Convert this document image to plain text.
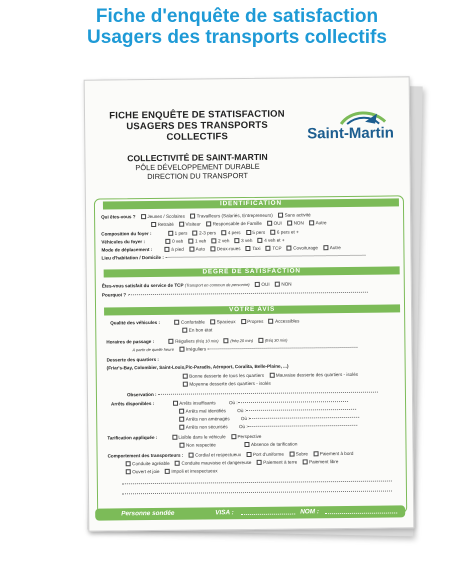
Fiche d'enquête de satisfaction
Usagers des transports collectifs
FICHE ENQUÊTE DE STATISFACTION
USAGERS DES TRANSPORTS COLLECTIFS
COLLECTIVITÉ DE SAINT-MARTIN
PÔLE DÉVELOPPEMENT DURABLE
DIRECTION DU TRANSPORT
Saint-Martin
IDENTIFICATION
Qui êtes-vous ?	Jeunes / Scolaires	Travailleurs (Salariés, Entrepreneurs)	Sans activité
Retraité	Visiteur	Responsable de Famille	OUI	NON	Autre
Composition du foyer :	1 pers	2-3 pers	4 pers	5 pers	6 pers et +
Véhicules du foyer :	0 veh	1 veh	2 veh	3 veh	4 veh et +
Mode de déplacement :	à pied	Auto	Deux-roues	Taxi	TCP	Covoiturage	Autre
Lieu d'habitation / Domicile :
DEGRÉ DE SATISFACTION
Êtes-vous satisfait du service de TCP (Transport en commun de personne)	OUI	NON
Pourquoi ?
VOTRE AVIS
Qualité des véhicules :	Confortable	Spacieux	Propres	Accessibles
En bon état
Horaires de passage :	Réguliers (fréq 10 min)	(fréq 20 min)	(fréq 30 min)
A partir de quelle heure	Irréguliers
Desserte des quartiers :
(Friar's-Bay, Colombier, Saint-Louis,Pic-Paradis, Aéroport, Coralita, Belle-Plaine, ...)
Bonne desserte de tous les quartiers	Mauvaise desserte des quartiers - isolés
Moyenne desserte des quartiers - isolés
Observation :
Arrêts disponibles :	Arrêts insuffisants	Où :
Arrêts mal identifiés Où :
Arrêts non aménagés Où :
Arrêts non sécurisés Où :
Tarification appliquée :	Lisible dans le véhicule	Perspective
Non respectée	Absence de tarification
Comportement des transporteurs :	Cordial et respectueux	Port d'uniforme	Sobre	Paiement à bord
Conduite agréable	Conduite mauvaise et dangereuse	Paiement à terre	Paiement libre
Ouvert et joie	Impoli et irrespectueux
Personne sondée	VISA :	NOM :
